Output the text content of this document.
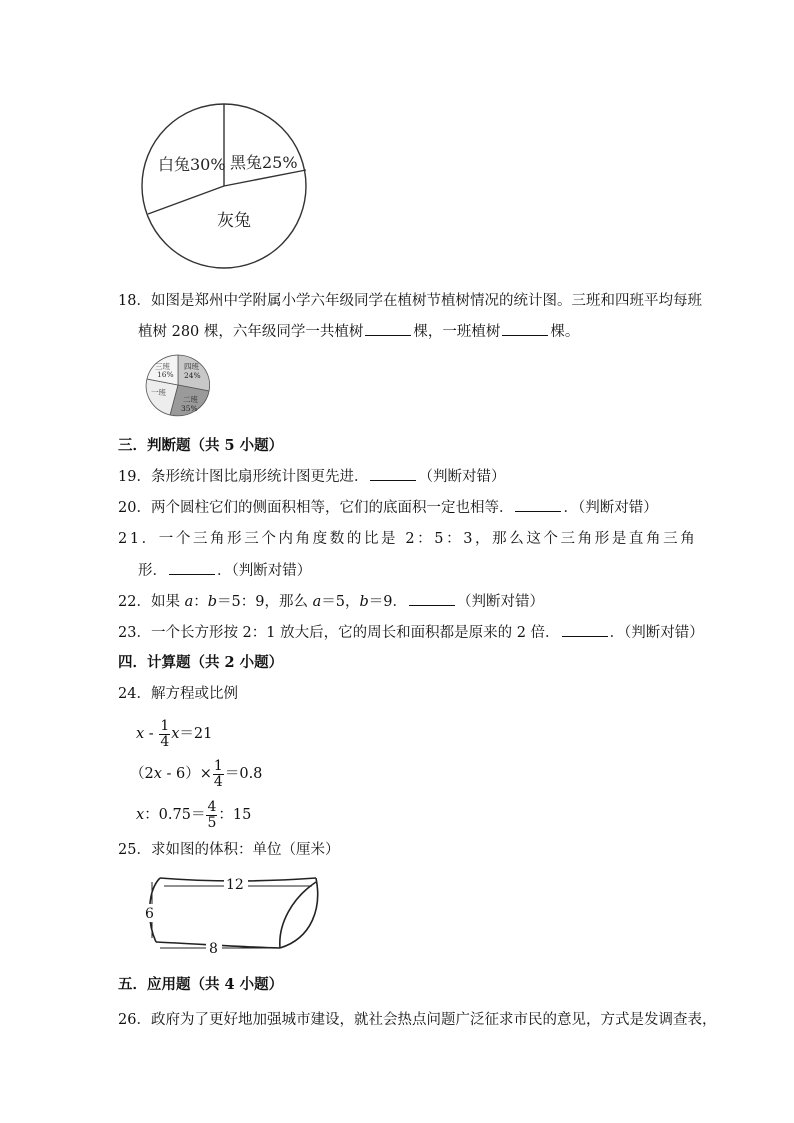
白兔30% 黑兔25%
灰兔
18．如图是郑州中学附属小学六年级同学在植树节植树情况的统计图。三班和四班平均每班
植树 280 棵，六年级同学一共植树	棵，一班植树	棵。
三班
16%
四班
24%
一班
二班
35%
三．判断题（共 5 小题）
19．条形统计图比扇形统计图更先进．	（判断对错）
20．两个圆柱它们的侧面积相等，它们的底面积一定也相等．	．（判断对错）
21．一个三角形三个内角度数的比是 2：5：3，那么这个三角形是直角三角
形．	．（判断对错）
22．如果 a：b＝5：9，那么 a＝5，b＝9．	（判断对错）
23．一个长方形按 2：1 放大后，它的周长和面积都是原来的 2 倍．	．（判断对错）
四．计算题（共 2 小题）
24．解方程或比例
$x - \frac{1}{4} x=21$
$(2x - 6)\times \frac{1}{4} =0.8$
x：$0.75= \frac{4}{5}$ ：15
25．求如图的体积：单位（厘米）
12
8
6
五．应用题（共 4 小题）
26．政府为了更好地加强城市建设，就社会热点问题广泛征求市民的意见，方式是发调查表，
